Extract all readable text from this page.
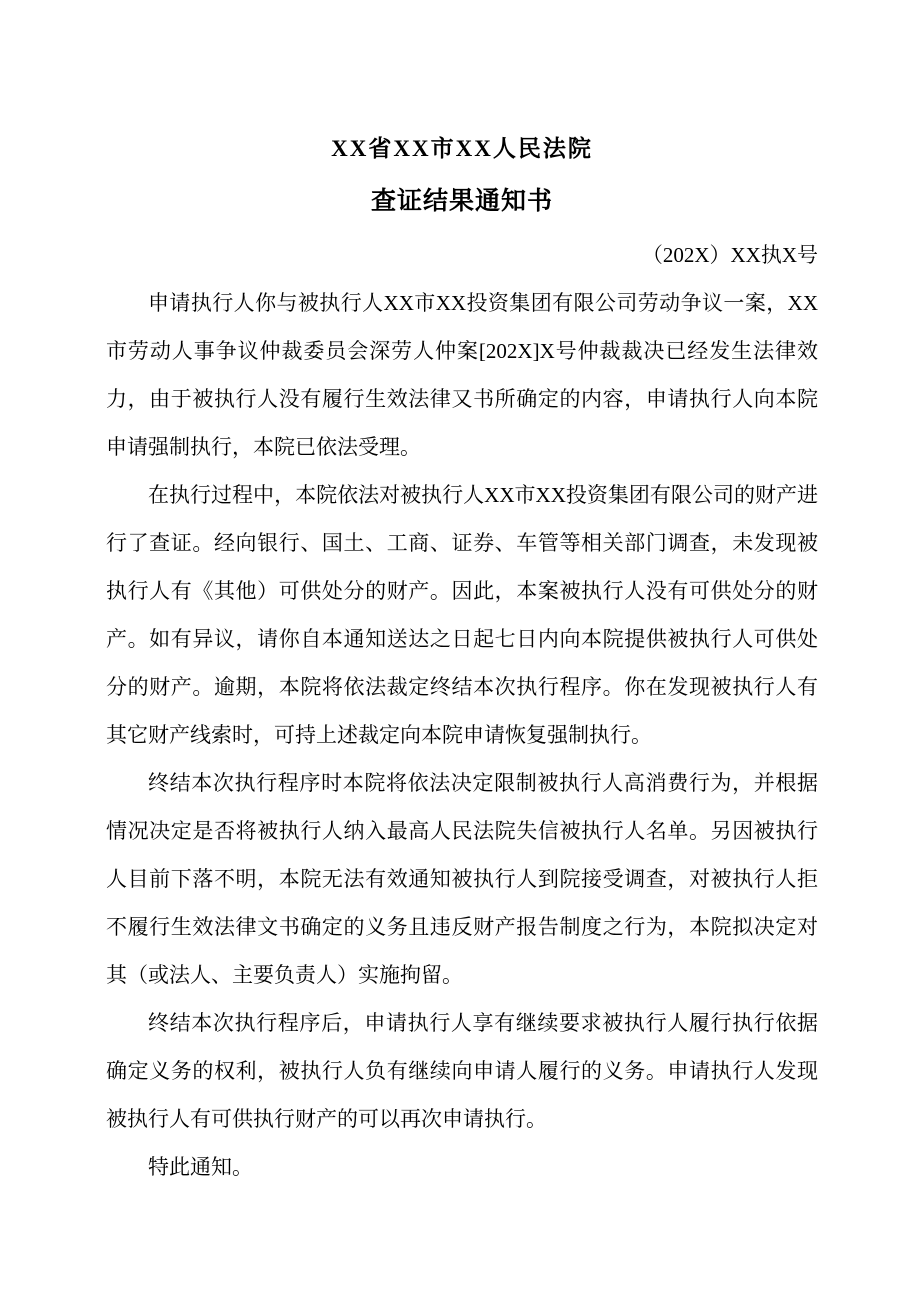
XX省XX市XX人民法院
查证结果通知书
（202X）XX执X号

申请执行人你与被执行人XX市XX投资集团有限公司劳动争议一案，XX市劳动人事争议仲裁委员会深劳人仲案[202X]X号仲裁裁决已经发生法律效力，由于被执行人没有履行生效法律又书所确定的内容，申请执行人向本院申请强制执行，本院已依法受理。

在执行过程中，本院依法对被执行人XX市XX投资集团有限公司的财产进行了查证。经向银行、国土、工商、证券、车管等相关部门调查，未发现被执行人有《其他）可供处分的财产。因此，本案被执行人没有可供处分的财产。如有异议，请你自本通知送达之日起七日内向本院提供被执行人可供处分的财产。逾期，本院将依法裁定终结本次执行程序。你在发现被执行人有其它财产线索时，可持上述裁定向本院申请恢复强制执行。

终结本次执行程序时本院将依法决定限制被执行人高消费行为，并根据情况决定是否将被执行人纳入最高人民法院失信被执行人名单。另因被执行人目前下落不明，本院无法有效通知被执行人到院接受调查，对被执行人拒不履行生效法律文书确定的义务且违反财产报告制度之行为，本院拟决定对其（或法人、主要负责人）实施拘留。

终结本次执行程序后，申请执行人享有继续要求被执行人履行执行依据确定义务的权利，被执行人负有继续向申请人履行的义务。申请执行人发现被执行人有可供执行财产的可以再次申请执行。

特此通知。
